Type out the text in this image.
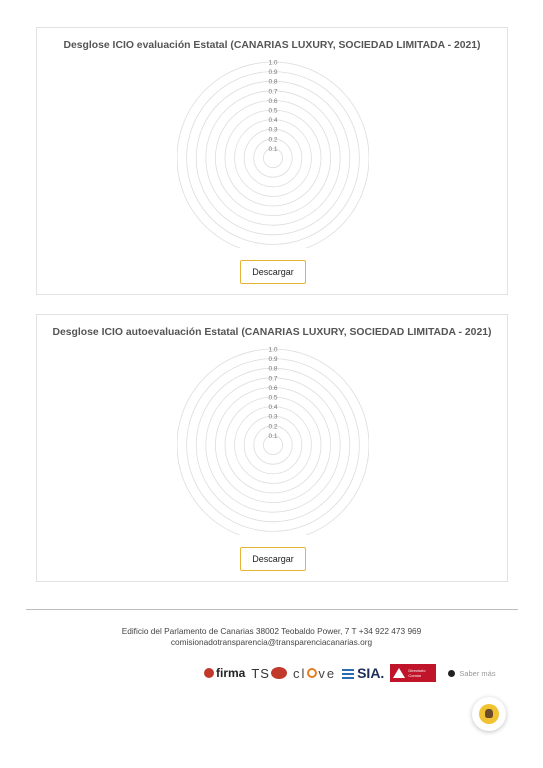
Desglose ICIO evaluación Estatal (CANARIAS LUXURY, SOCIEDAD LIMITADA - 2021)
0.1
0.2
0.3
0.4
0.5
0.6
0.7
0.8
0.9
1.0
Descargar
Desglose ICIO autoevaluación Estatal (CANARIAS LUXURY, SOCIEDAD LIMITADA - 2021)
0.1
0.2
0.3
0.4
0.5
0.6
0.7
0.8
0.9
1.0
Descargar
Edificio del Parlamento de Canarias 38002 Teobaldo Power, 7 T +34 922 473 969
comisionadotransparencia@transparenciacanarias.org
firma TS cl ve SIA.	Directorio Común	Saber más
